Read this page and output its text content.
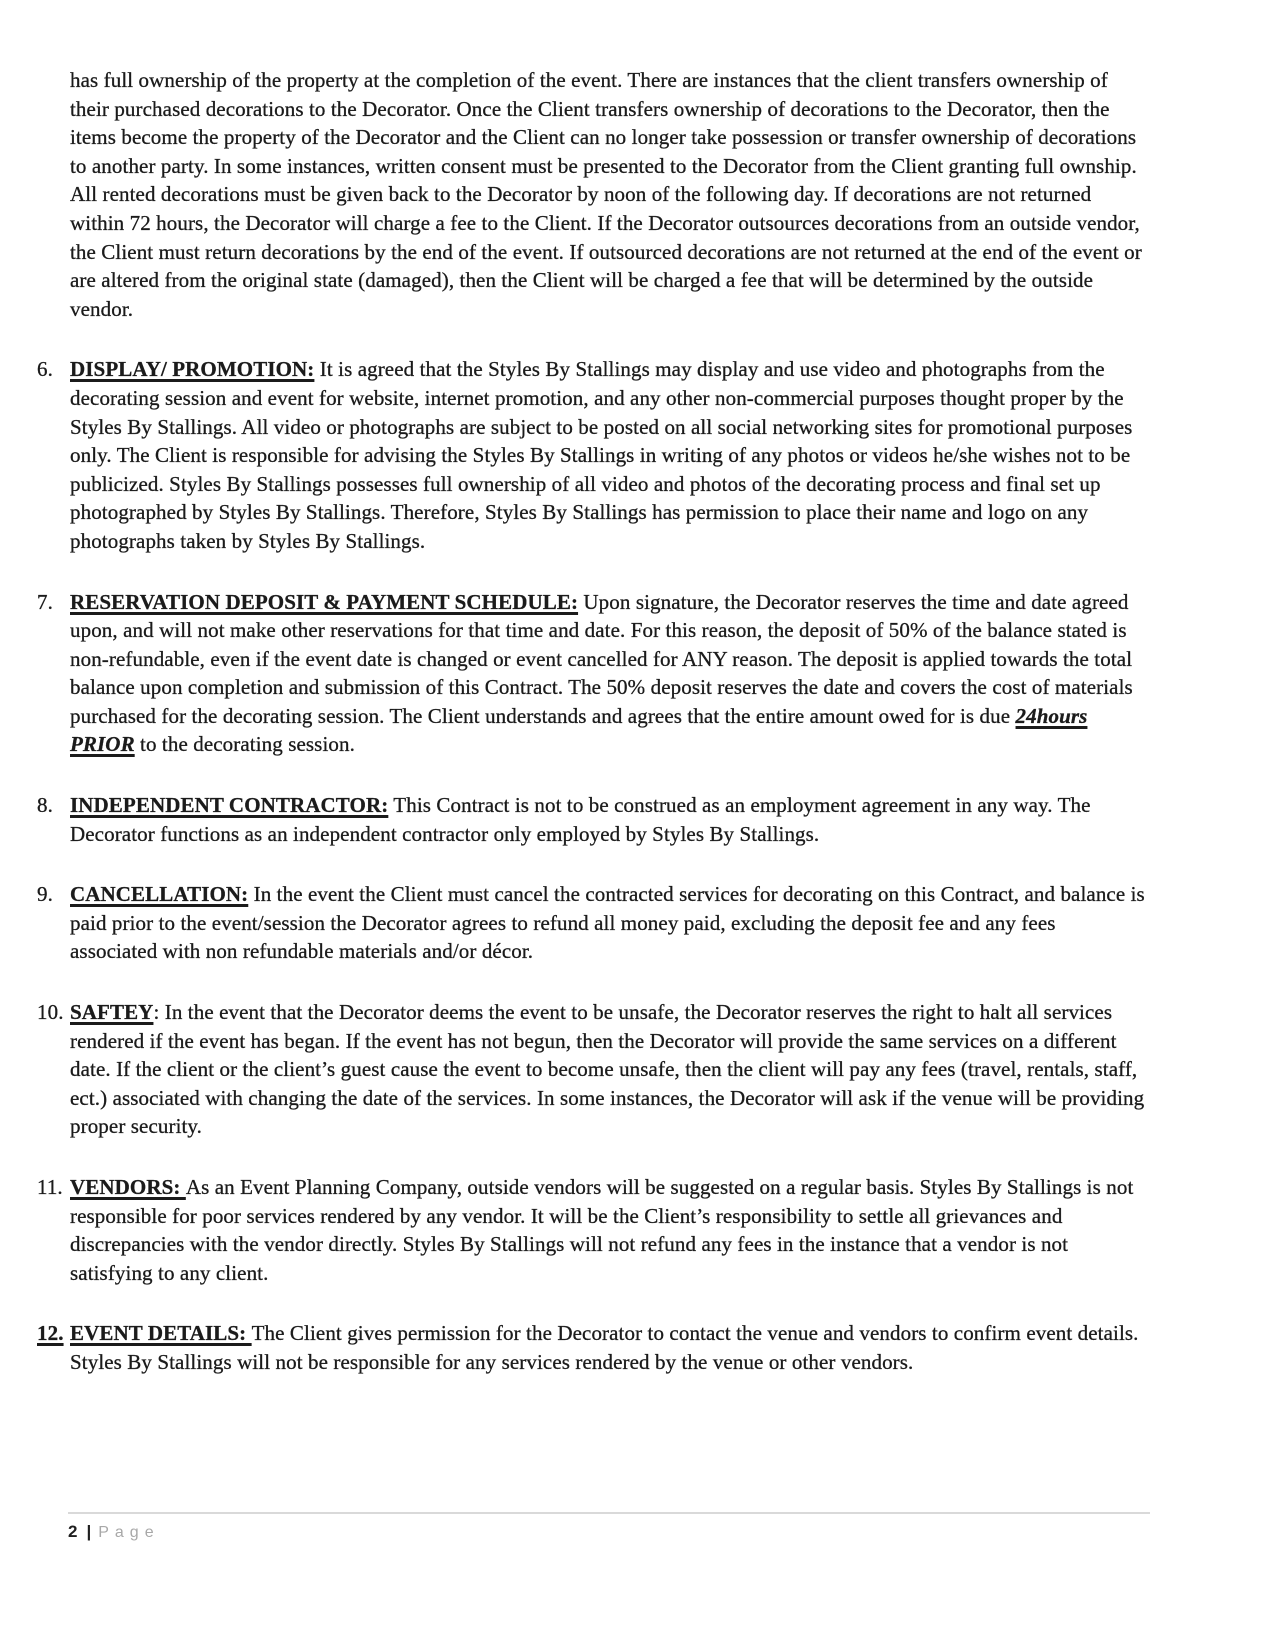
has full ownership of the property at the completion of the event. There are instances that the client transfers ownership of their purchased decorations to the Decorator. Once the Client transfers ownership of decorations to the Decorator, then the items become the property of the Decorator and the Client can no longer take possession or transfer ownership of decorations to another party. In some instances, written consent must be presented to the Decorator from the Client granting full ownship. All rented decorations must be given back to the Decorator by noon of the following day. If decorations are not returned within 72 hours, the Decorator will charge a fee to the Client. If the Decorator outsources decorations from an outside vendor, the Client must return decorations by the end of the event. If outsourced decorations are not returned at the end of the event or are altered from the original state (damaged), then the Client will be charged a fee that will be determined by the outside vendor.

6. DISPLAY/ PROMOTION: It is agreed that the Styles By Stallings may display and use video and photographs from the decorating session and event for website, internet promotion, and any other non-commercial purposes thought proper by the Styles By Stallings. All video or photographs are subject to be posted on all social networking sites for promotional purposes only. The Client is responsible for advising the Styles By Stallings in writing of any photos or videos he/she wishes not to be publicized. Styles By Stallings possesses full ownership of all video and photos of the decorating process and final set up photographed by Styles By Stallings. Therefore, Styles By Stallings has permission to place their name and logo on any photographs taken by Styles By Stallings.

7. RESERVATION DEPOSIT & PAYMENT SCHEDULE: Upon signature, the Decorator reserves the time and date agreed upon, and will not make other reservations for that time and date. For this reason, the deposit of 50% of the balance stated is non-refundable, even if the event date is changed or event cancelled for ANY reason. The deposit is applied towards the total balance upon completion and submission of this Contract. The 50% deposit reserves the date and covers the cost of materials purchased for the decorating session. The Client understands and agrees that the entire amount owed for is due 24hours PRIOR to the decorating session.

8. INDEPENDENT CONTRACTOR: This Contract is not to be construed as an employment agreement in any way. The Decorator functions as an independent contractor only employed by Styles By Stallings.

9. CANCELLATION: In the event the Client must cancel the contracted services for decorating on this Contract, and balance is paid prior to the event/session the Decorator agrees to refund all money paid, excluding the deposit fee and any fees associated with non refundable materials and/or décor.

10. SAFTEY: In the event that the Decorator deems the event to be unsafe, the Decorator reserves the right to halt all services rendered if the event has began. If the event has not begun, then the Decorator will provide the same services on a different date. If the client or the client’s guest cause the event to become unsafe, then the client will pay any fees (travel, rentals, staff, ect.) associated with changing the date of the services. In some instances, the Decorator will ask if the venue will be providing proper security.

11. VENDORS: As an Event Planning Company, outside vendors will be suggested on a regular basis. Styles By Stallings is not responsible for poor services rendered by any vendor. It will be the Client’s responsibility to settle all grievances and discrepancies with the vendor directly. Styles By Stallings will not refund any fees in the instance that a vendor is not satisfying to any client.

12. EVENT DETAILS: The Client gives permission for the Decorator to contact the venue and vendors to confirm event details. Styles By Stallings will not be responsible for any services rendered by the venue or other vendors.

2 | Page
